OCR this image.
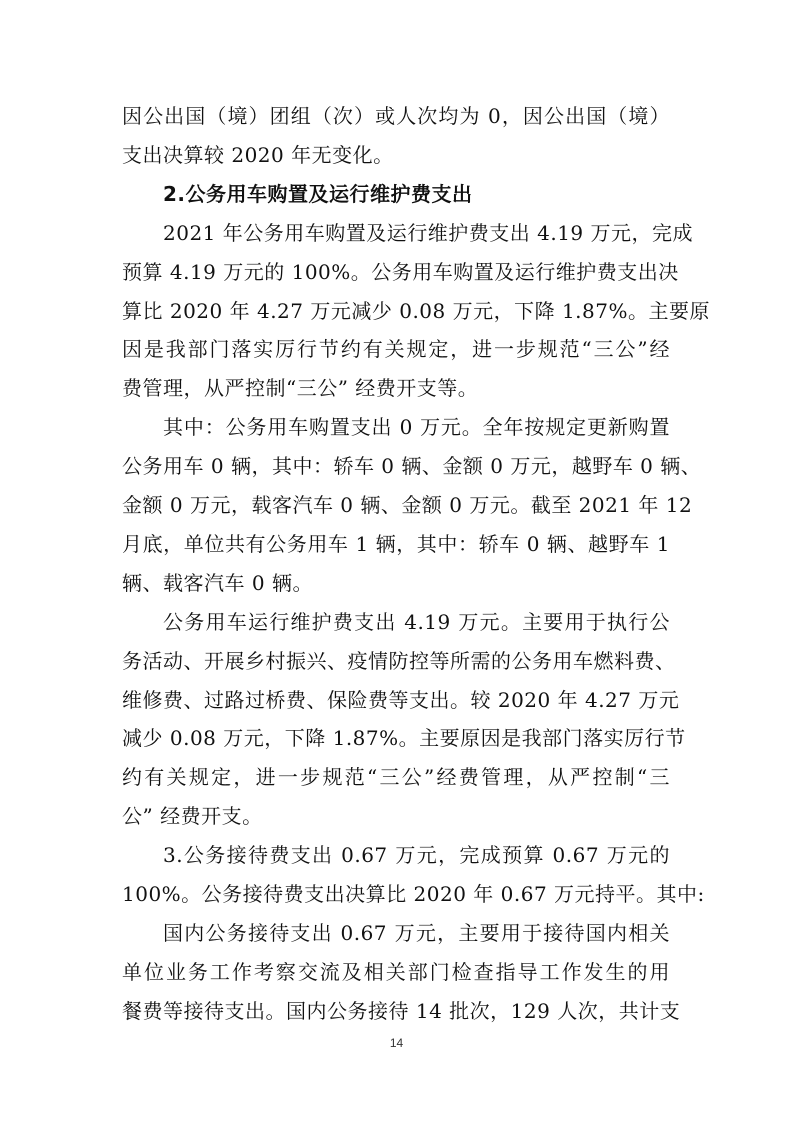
因公出国（境）团组（次）或人次均为 0，因公出国（境）
支出决算较 2020 年无变化。
2.公务用车购置及运行维护费支出
2021 年公务用车购置及运行维护费支出 4.19 万元，完成
预算 4.19 万元的 100%。公务用车购置及运行维护费支出决
算比 2020 年 4.27 万元减少 0.08 万元，下降 1.87%。主要原
因是我部门落实厉行节约有关规定，进一步规范“三公”经
费管理，从严控制“三公” 经费开支等。
其中：公务用车购置支出 0 万元。全年按规定更新购置
公务用车 0 辆，其中：轿车 0 辆、金额 0 万元，越野车 0 辆、
金额 0 万元，载客汽车 0 辆、金额 0 万元。截至 2021 年 12
月底，单位共有公务用车 1 辆，其中：轿车 0 辆、越野车 1
辆、载客汽车 0 辆。
公务用车运行维护费支出 4.19 万元。主要用于执行公
务活动、开展乡村振兴、疫情防控等所需的公务用车燃料费、
维修费、过路过桥费、保险费等支出。较 2020 年 4.27 万元
减少 0.08 万元，下降 1.87%。主要原因是我部门落实厉行节
约有关规定，进一步规范“三公”经费管理，从严控制“三
公” 经费开支。
3.公务接待费支出 0.67 万元，完成预算 0.67 万元的
100%。公务接待费支出决算比 2020 年 0.67 万元持平。其中:
国内公务接待支出 0.67 万元，主要用于接待国内相关
单位业务工作考察交流及相关部门检查指导工作发生的用
餐费等接待支出。国内公务接待 14 批次，129 人次，共计支
14
